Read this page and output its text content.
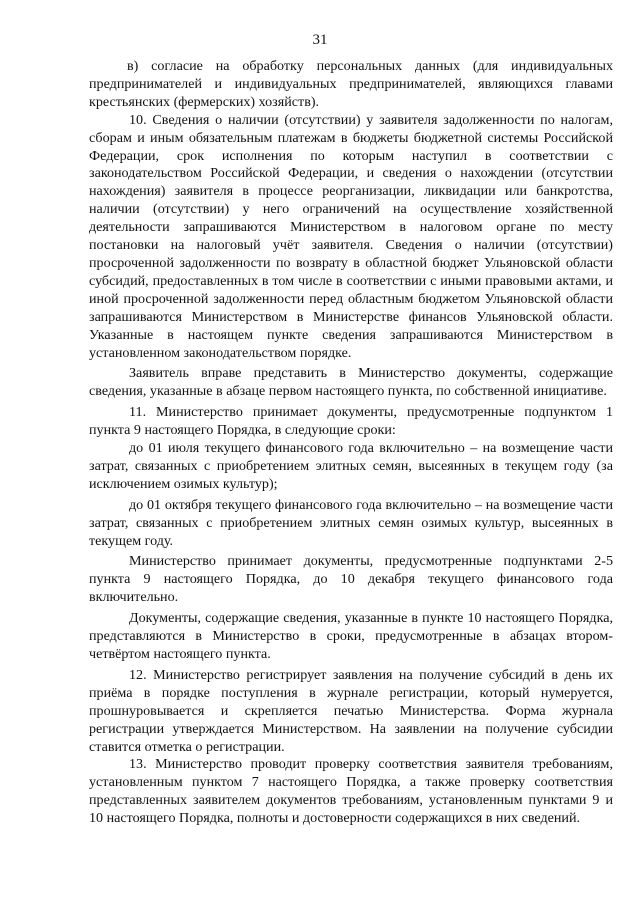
31

в) согласие на обработку персональных данных (для индивидуальных предпринимателей и индивидуальных предпринимателей, являющихся главами крестьянских (фермерских) хозяйств).

10. Сведения о наличии (отсутствии) у заявителя задолженности по налогам, сборам и иным обязательным платежам в бюджеты бюджетной системы Российской Федерации, срок исполнения по которым наступил в соответствии с законодательством Российской Федерации, и сведения о нахождении (отсутствии нахождения) заявителя в процессе реорганизации, ликвидации или банкротства, наличии (отсутствии) у него ограничений на осуществление хозяйственной деятельности запрашиваются Министерством в налоговом органе по месту постановки на налоговый учёт заявителя. Сведения о наличии (отсутствии) просроченной задолженности по возврату в областной бюджет Ульяновской области субсидий, предоставленных в том числе в соответствии с иными правовыми актами, и иной просроченной задолженности перед областным бюджетом Ульяновской области запрашиваются Министерством в Министерстве финансов Ульяновской области. Указанные в настоящем пункте сведения запрашиваются Министерством в установленном законодательством порядке.

Заявитель вправе представить в Министерство документы, содержащие сведения, указанные в абзаце первом настоящего пункта, по собственной инициативе.

11. Министерство принимает документы, предусмотренные подпунктом 1 пункта 9 настоящего Порядка, в следующие сроки:

до 01 июля текущего финансового года включительно – на возмещение части затрат, связанных с приобретением элитных семян, высеянных в текущем году (за исключением озимых культур);

до 01 октября текущего финансового года включительно – на возмещение части затрат, связанных с приобретением элитных семян озимых культур, высеянных в текущем году.

Министерство принимает документы, предусмотренные подпунктами 2-5 пункта 9 настоящего Порядка, до 10 декабря текущего финансового года включительно.

Документы, содержащие сведения, указанные в пункте 10 настоящего Порядка, представляются в Министерство в сроки, предусмотренные в абзацах втором-четвёртом настоящего пункта.

12. Министерство регистрирует заявления на получение субсидий в день их приёма в порядке поступления в журнале регистрации, который нумеруется, прошнуровывается и скрепляется печатью Министерства. Форма журнала регистрации утверждается Министерством. На заявлении на получение субсидии ставится отметка о регистрации.

13. Министерство проводит проверку соответствия заявителя требованиям, установленным пунктом 7 настоящего Порядка, а также проверку соответствия представленных заявителем документов требованиям, установленным пунктами 9 и 10 настоящего Порядка, полноты и достоверности содержащихся в них сведений.
